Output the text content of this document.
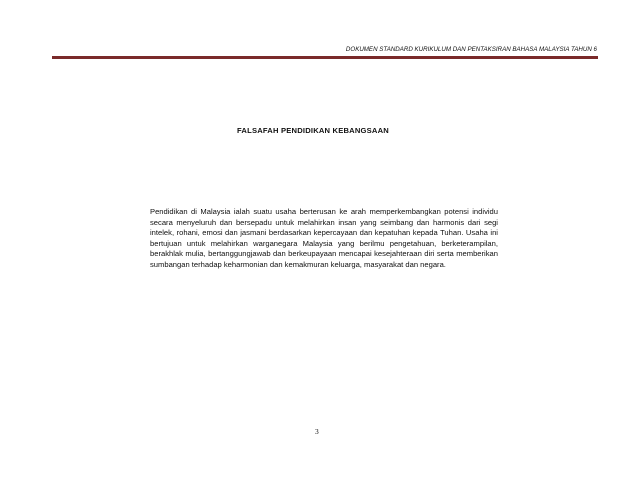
DOKUMEN STANDARD KURIKULUM DAN PENTAKSIRAN BAHASA MALAYSIA TAHUN 6
FALSAFAH PENDIDIKAN KEBANGSAAN

Pendidikan di Malaysia ialah suatu usaha berterusan ke arah memperkembangkan potensi individu secara menyeluruh dan bersepadu untuk melahirkan insan yang seimbang dan harmonis dari segi intelek, rohani, emosi dan jasmani berdasarkan kepercayaan dan kepatuhan kepada Tuhan. Usaha ini bertujuan untuk melahirkan warganegara Malaysia yang berilmu pengetahuan, berketerampilan, berakhlak mulia, bertanggungjawab dan berkeupayaan mencapai kesejahteraan diri serta memberikan sumbangan terhadap keharmonian dan kemakmuran keluarga, masyarakat dan negara.

3
